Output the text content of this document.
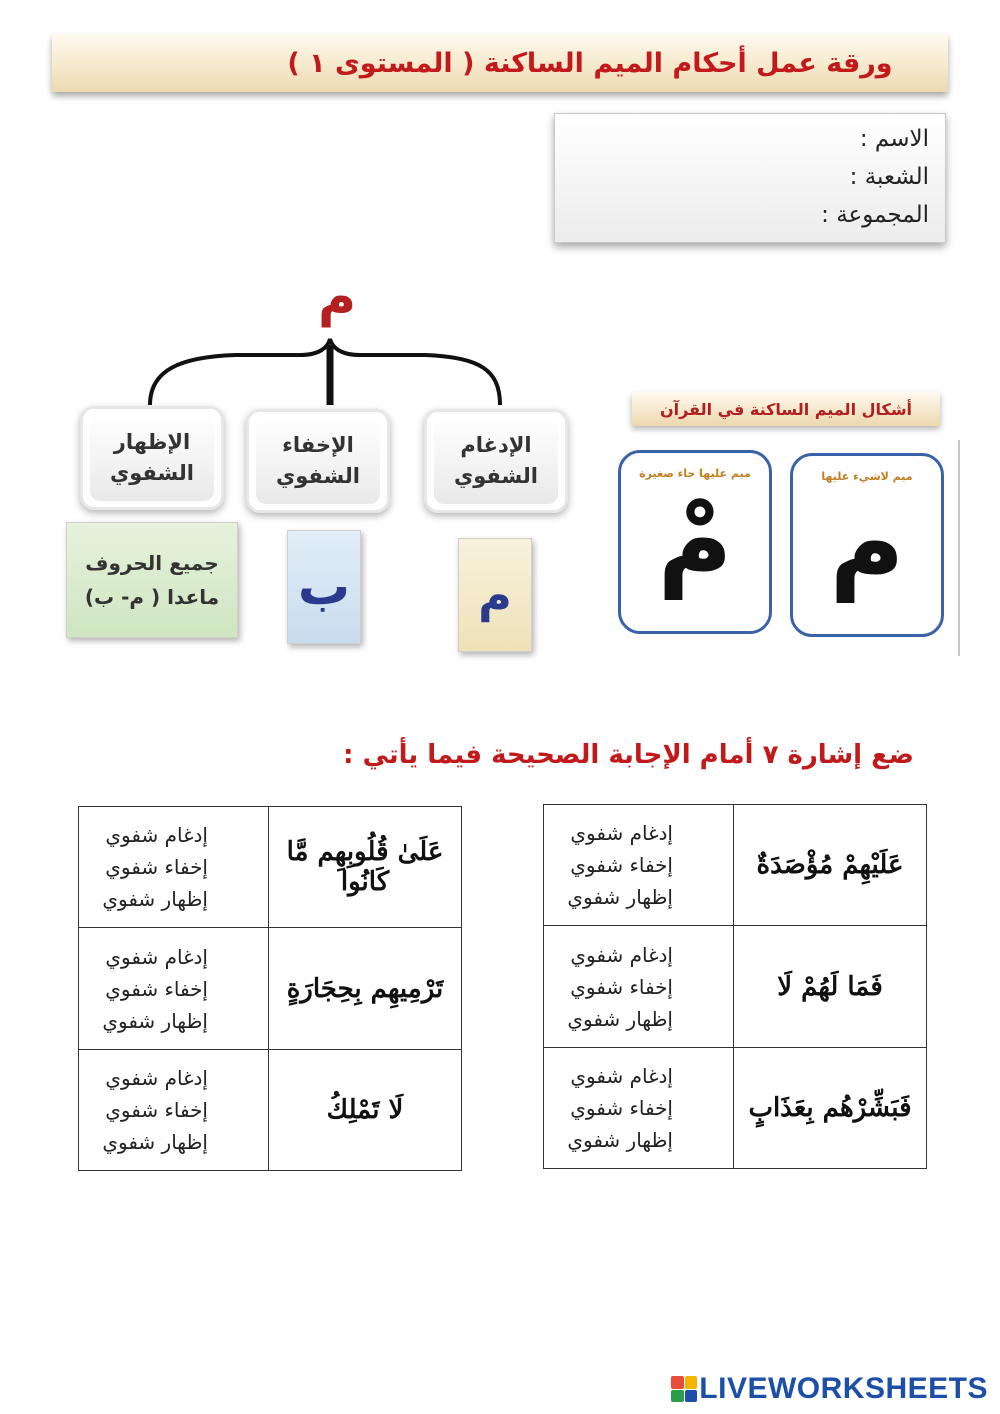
ورقة عمل أحكام الميم الساكنة ( المستوى ١ )
الاسم :
الشعبة :
المجموعة :
م
الإدغام
الشفوي
الإخفاء
الشفوي
الإظهار
الشفوي
م
ب
جميع الحروف
ماعدا ( م- ب)
أشكال الميم الساكنة في القرآن
ميم لاشيء عليها
م
ميم عليها حاء صغيرة
مْ
ضع إشارة ٧ أمام الإجابة الصحيحة فيما يأتي :
إدغام شفوي
إخفاء شفوي
إظهار شفوي	عَلَيْهِمْ مُؤْصَدَةٌ

إدغام شفوي
إخفاء شفوي
إظهار شفوي	فَمَا لَهُمْ لَا

إدغام شفوي
إخفاء شفوي
إظهار شفوي	فَبَشِّرْهُم بِعَذَابٍ
إدغام شفوي
إخفاء شفوي
إظهار شفوي	عَلَىٰ قُلُوبِهِم مَّا كَانُوا

إدغام شفوي
إخفاء شفوي
إظهار شفوي	تَرْمِيهِم بِحِجَارَةٍ

إدغام شفوي
إخفاء شفوي
إظهار شفوي	لَا تَمْلِكُ
LIVEWORKSHEETS
